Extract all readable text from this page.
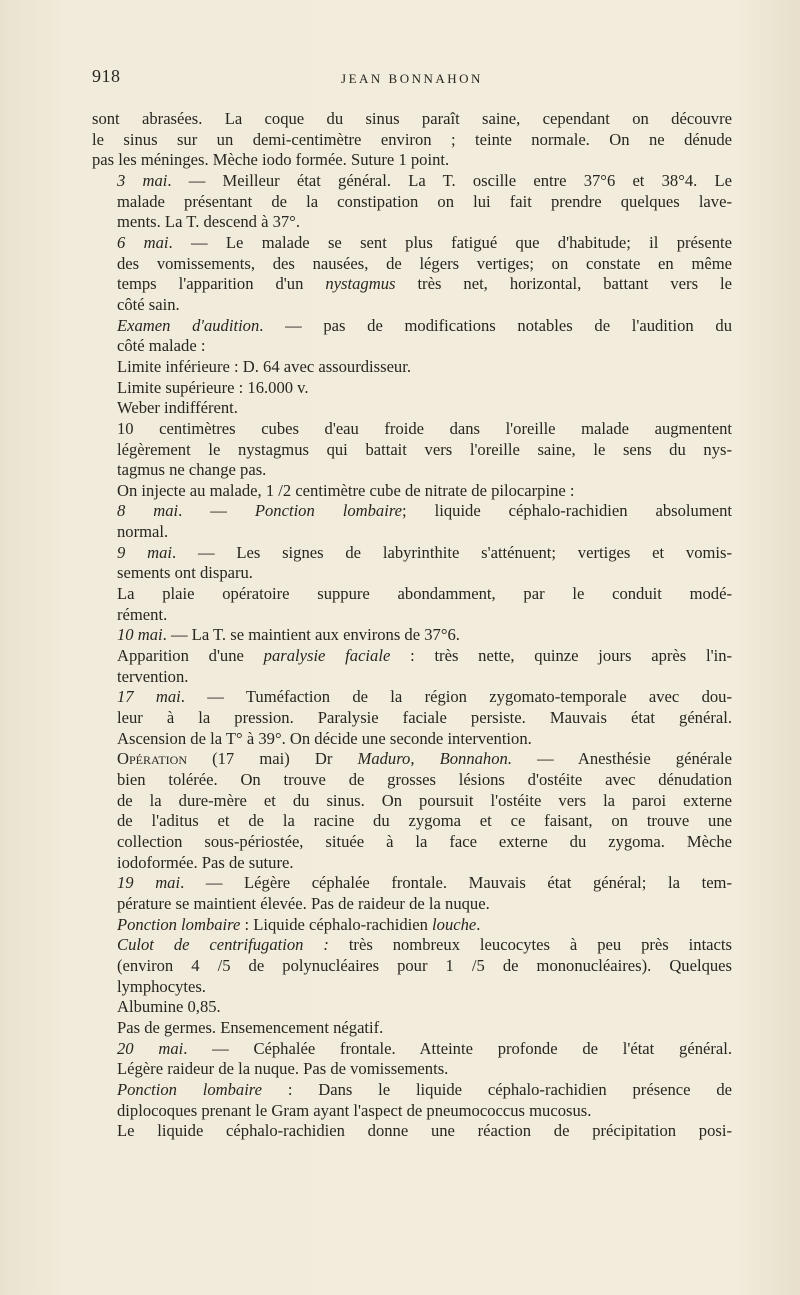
918	JEAN BONNAHON
sont abrasées. La coque du sinus paraît saine, cependant on découvre
le sinus sur un demi-centimètre environ ; teinte normale. On ne dénude
pas les méninges. Mèche iodo formée. Suture 1 point.
3 mai. — Meilleur état général. La T. oscille entre 37°6 et 38°4. Le
malade présentant de la constipation on lui fait prendre quelques lave-
ments. La T. descend à 37°.
6 mai. — Le malade se sent plus fatigué que d'habitude; il présente
des vomissements, des nausées, de légers vertiges; on constate en même
temps l'apparition d'un nystagmus très net, horizontal, battant vers le
côté sain.
Examen d'audition. — pas de modifications notables de l'audition du
côté malade :
Limite inférieure : D. 64 avec assourdisseur.
Limite supérieure : 16.000 v.
Weber indifférent.
10 centimètres cubes d'eau froide dans l'oreille malade augmentent
légèrement le nystagmus qui battait vers l'oreille saine, le sens du nys-
tagmus ne change pas.
On injecte au malade, 1 /2 centimètre cube de nitrate de pilocarpine :
8 mai. — Ponction lombaire; liquide céphalo-rachidien absolument
normal.
9 mai. — Les signes de labyrinthite s'atténuent; vertiges et vomis-
sements ont disparu.
La plaie opératoire suppure abondamment, par le conduit modé-
rément.
10 mai. — La T. se maintient aux environs de 37°6.
Apparition d'une paralysie faciale : très nette, quinze jours après l'in-
tervention.
17 mai. — Tuméfaction de la région zygomato-temporale avec dou-
leur à la pression. Paralysie faciale persiste. Mauvais état général.
Ascension de la T° à 39°. On décide une seconde intervention.
Opération (17 mai) Dr Maduro, Bonnahon. — Anesthésie générale
bien tolérée. On trouve de grosses lésions d'ostéite avec dénudation
de la dure-mère et du sinus. On poursuit l'ostéite vers la paroi externe
de l'aditus et de la racine du zygoma et ce faisant, on trouve une
collection sous-périostée, située à la face externe du zygoma. Mèche
iodoformée. Pas de suture.
19 mai. — Légère céphalée frontale. Mauvais état général; la tem-
pérature se maintient élevée. Pas de raideur de la nuque.
Ponction lombaire : Liquide céphalo-rachidien louche.
Culot de centrifugation : très nombreux leucocytes à peu près intacts
(environ 4 /5 de polynucléaires pour 1 /5 de mononucléaires). Quelques
lymphocytes.
Albumine 0,85.
Pas de germes. Ensemencement négatif.
20 mai. — Céphalée frontale. Atteinte profonde de l'état général.
Légère raideur de la nuque. Pas de vomissements.
Ponction lombaire : Dans le liquide céphalo-rachidien présence de
diplocoques prenant le Gram ayant l'aspect de pneumococcus mucosus.
Le liquide céphalo-rachidien donne une réaction de précipitation posi-
